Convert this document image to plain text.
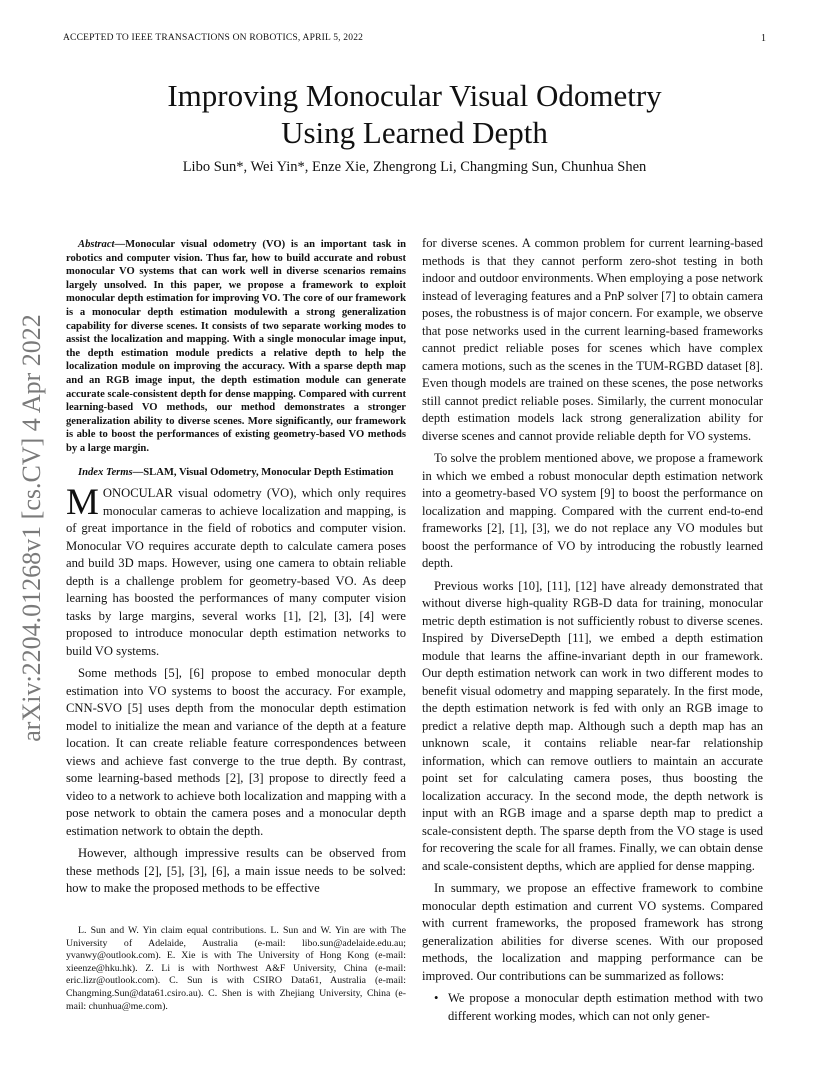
ACCEPTED TO IEEE TRANSACTIONS ON ROBOTICS, APRIL 5, 2022	1
arXiv:2204.01268v1 [cs.CV] 4 Apr 2022
Improving Monocular Visual Odometry
Using Learned Depth
Libo Sun*, Wei Yin*, Enze Xie, Zhengrong Li, Changming Sun, Chunhua Shen

Abstract—Monocular visual odometry (VO) is an important task in robotics and computer vision. Thus far, how to build accurate and robust monocular VO systems that can work well in diverse scenarios remains largely unsolved. In this paper, we propose a framework to exploit monocular depth estimation for improving VO. The core of our framework is a monocular depth estimation modulewith a strong generalization capability for diverse scenes. It consists of two separate working modes to assist the localization and mapping. With a single monocular image input, the depth estimation module predicts a relative depth to help the localization module on improving the accuracy. With a sparse depth map and an RGB image input, the depth estimation module can generate accurate scale-consistent depth for dense mapping. Compared with current learning-based VO methods, our method demonstrates a stronger generalization ability to diverse scenes. More significantly, our framework is able to boost the performances of existing geometry-based VO methods by a large margin.

Index Terms—SLAM, Visual Odometry, Monocular Depth Estimation

MONOCULAR visual odometry (VO), which only requires monocular cameras to achieve localization and mapping, is of great importance in the field of robotics and computer vision. Monocular VO requires accurate depth to calculate camera poses and build 3D maps. However, using one camera to obtain reliable depth is a challenge problem for geometry-based VO. As deep learning has boosted the performances of many computer vision tasks by large margins, several works [1], [2], [3], [4] were proposed to introduce monocular depth estimation networks to build VO systems.

Some methods [5], [6] propose to embed monocular depth estimation into VO systems to boost the accuracy. For example, CNN-SVO [5] uses depth from the monocular depth estimation model to initialize the mean and variance of the depth at a feature location. It can create reliable feature correspondences between views and achieve fast converge to the true depth. By contrast, some learning-based methods [2], [3] propose to directly feed a video to a network to achieve both localization and mapping with a pose network to obtain the camera poses and a monocular depth estimation network to obtain the depth.

However, although impressive results can be observed from these methods [2], [5], [3], [6], a main issue needs to be solved: how to make the proposed methods to be effective

L. Sun and W. Yin claim equal contributions. L. Sun and W. Yin are with The University of Adelaide, Australia (e-mail: libo.sun@adelaide.edu.au; yvanwy@outlook.com). E. Xie is with The University of Hong Kong (e-mail: xieenze@hku.hk). Z. Li is with Northwest A&F University, China (e-mail: eric.lizr@outlook.com). C. Sun is with CSIRO Data61, Australia (e-mail: Changming.Sun@data61.csiro.au). C. Shen is with Zhejiang University, China (e-mail: chunhua@me.com).

for diverse scenes. A common problem for current learning-based methods is that they cannot perform zero-shot testing in both indoor and outdoor environments. When employing a pose network instead of leveraging features and a PnP solver [7] to obtain camera poses, the robustness is of major concern. For example, we observe that pose networks used in the current learning-based frameworks cannot predict reliable poses for scenes which have complex camera motions, such as the scenes in the TUM-RGBD dataset [8]. Even though models are trained on these scenes, the pose networks still cannot predict reliable poses. Similarly, the current monocular depth estimation models lack strong generalization ability for diverse scenes and cannot provide reliable depth for VO systems.

To solve the problem mentioned above, we propose a framework in which we embed a robust monocular depth estimation network into a geometry-based VO system [9] to boost the performance on localization and mapping. Compared with the current end-to-end frameworks [2], [1], [3], we do not replace any VO modules but boost the performance of VO by introducing the robustly learned depth.

Previous works [10], [11], [12] have already demonstrated that without diverse high-quality RGB-D data for training, monocular metric depth estimation is not sufficiently robust to diverse scenes. Inspired by DiverseDepth [11], we embed a depth estimation module that learns the affine-invariant depth in our framework. Our depth estimation network can work in two different modes to benefit visual odometry and mapping separately. In the first mode, the depth estimation network is fed with only an RGB image to predict a relative depth map. Although such a depth map has an unknown scale, it contains reliable near-far relationship information, which can remove outliers to maintain an accurate point set for calculating camera poses, thus boosting the localization accuracy. In the second mode, the depth network is input with an RGB image and a sparse depth map to predict a scale-consistent depth. The sparse depth from the VO stage is used for recovering the scale for all frames. Finally, we can obtain dense and scale-consistent depths, which are applied for dense mapping.

In summary, we propose an effective framework to combine monocular depth estimation and current VO systems. Compared with current frameworks, the proposed framework has strong generalization abilities for diverse scenes. With our proposed methods, the localization and mapping performance can be improved. Our contributions can be summarized as follows:

• We propose a monocular depth estimation method with two different working modes, which can not only gener-
